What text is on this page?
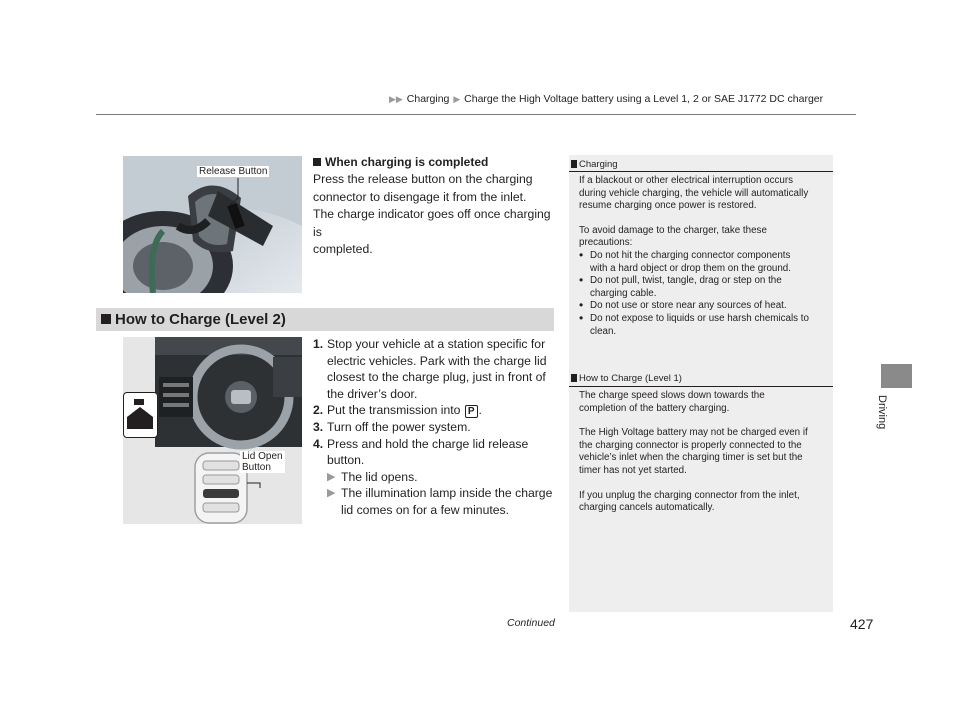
▶▶ Charging ▶ Charge the High Voltage battery using a Level 1, 2 or SAE J1772 DC charger
Driving
Release Button
When charging is completed
Press the release button on the charging
connector to disengage it from the inlet.
The charge indicator goes off once charging is
completed.
How to Charge (Level 2)
Lid Open
Button
1. Stop your vehicle at a station specific for
electric vehicles. Park with the charge lid
closest to the charge plug, just in front of
the driver’s door.
2. Put the transmission into P .
3. Turn off the power system.
4. Press and hold the charge lid release
button.
▶ The lid opens.
▶ The illumination lamp inside the charge
lid comes on for a few minutes.
Charging

If a blackout or other electrical interruption occurs

during vehicle charging, the vehicle will automatically

resume charging once power is restored.

To avoid damage to the charger, take these

precautions:

• Do not hit the charging connector components

with a hard object or drop them on the ground.

• Do not pull, twist, tangle, drag or step on the

charging cable.

• Do not use or store near any sources of heat.

• Do not expose to liquids or use harsh chemicals to

clean.

How to Charge (Level 1)

The charge speed slows down towards the

completion of the battery charging.

The High Voltage battery may not be charged even if

the charging connector is properly connected to the

vehicle’s inlet when the charging timer is set but the

timer has not yet started.

If you unplug the charging connector from the inlet,

charging cancels automatically.

Continued	427
